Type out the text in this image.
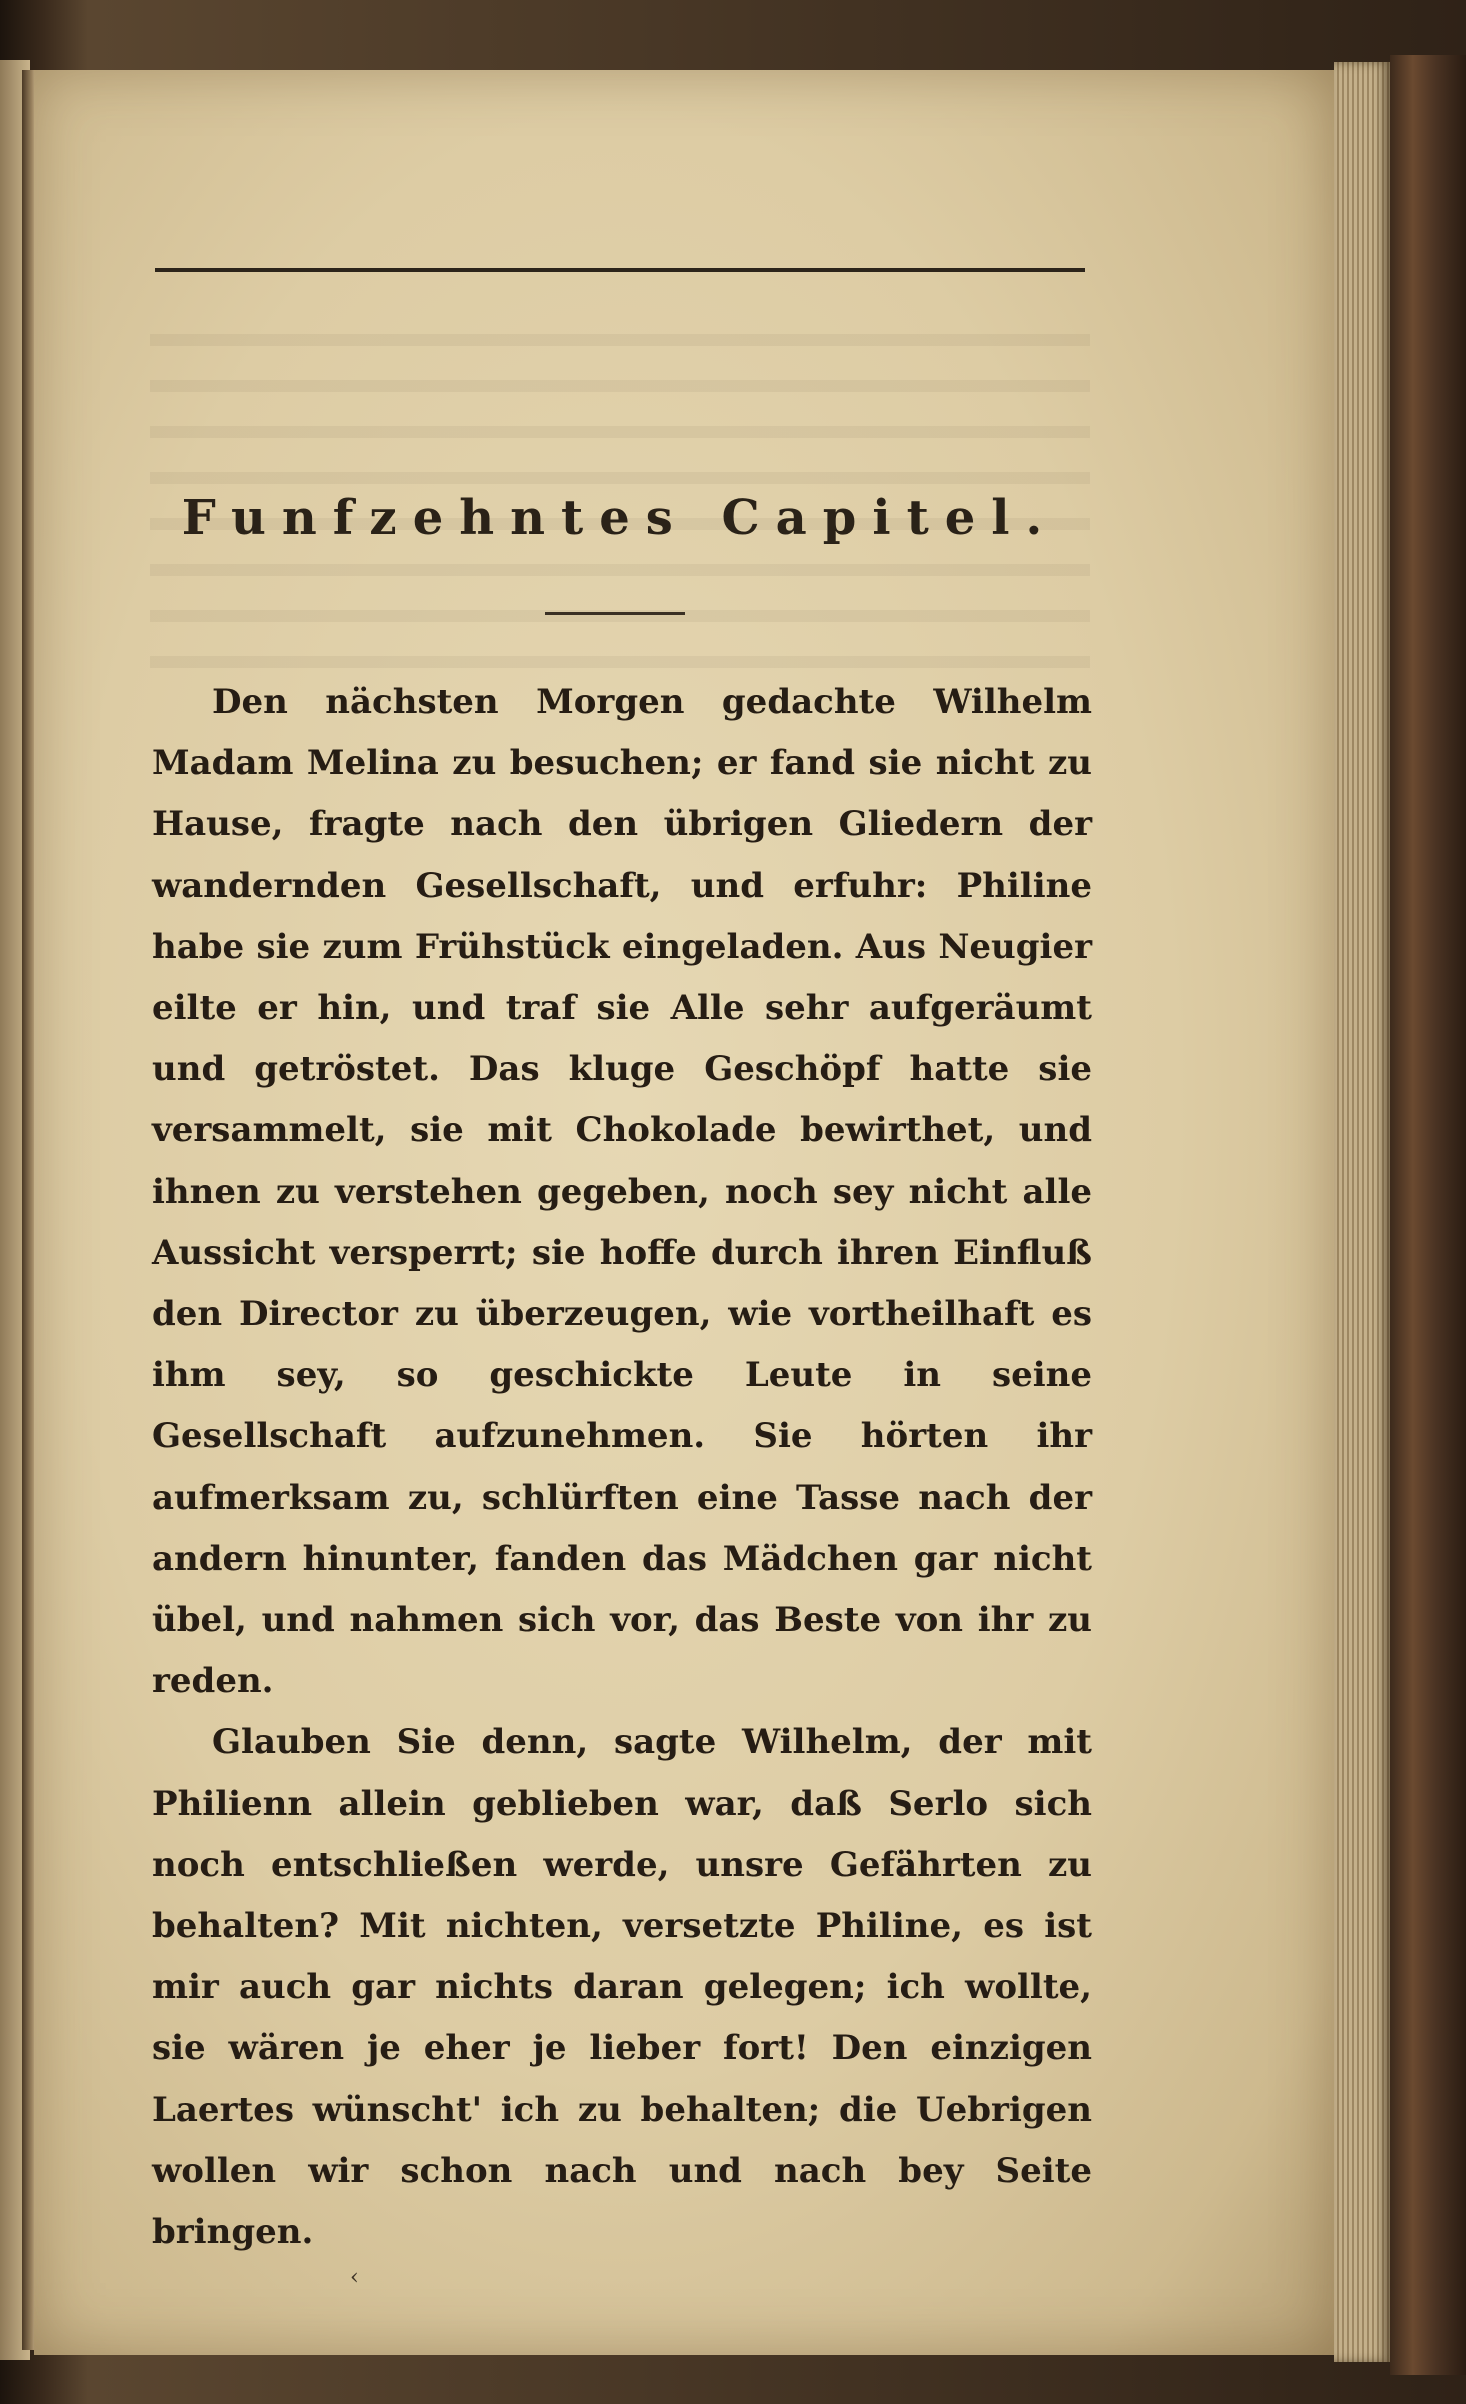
Funfzehntes Capitel.

Den nächsten Morgen gedachte Wilhelm Madam Melina zu besuchen; er fand sie nicht zu Hause, fragte nach den übrigen Gliedern der wandernden Gesellschaft, und erfuhr: Philine habe sie zum Frühstück eingeladen. Aus Neugier eilte er hin, und traf sie Alle sehr aufgeräumt und getröstet. Das kluge Geschöpf hatte sie versammelt, sie mit Chokolade bewirthet, und ihnen zu verstehen gegeben, noch sey nicht alle Aussicht versperrt; sie hoffe durch ihren Einfluß den Director zu überzeugen, wie vortheilhaft es ihm sey, so geschickte Leute in seine Gesellschaft aufzunehmen. Sie hörten ihr aufmerksam zu, schlürften eine Tasse nach der andern hinunter, fanden das Mädchen gar nicht übel, und nahmen sich vor, das Beste von ihr zu reden.

Glauben Sie denn, sagte Wilhelm, der mit Philienn allein geblieben war, daß Serlo sich noch entschließen werde, unsre Gefährten zu behalten? Mit nichten, versetzte Philine, es ist mir auch gar nichts daran gelegen; ich wollte, sie wären je eher je lieber fort! Den einzigen Laertes wünscht' ich zu behalten; die Uebrigen wollen wir schon nach und nach bey Seite bringen.

‹
